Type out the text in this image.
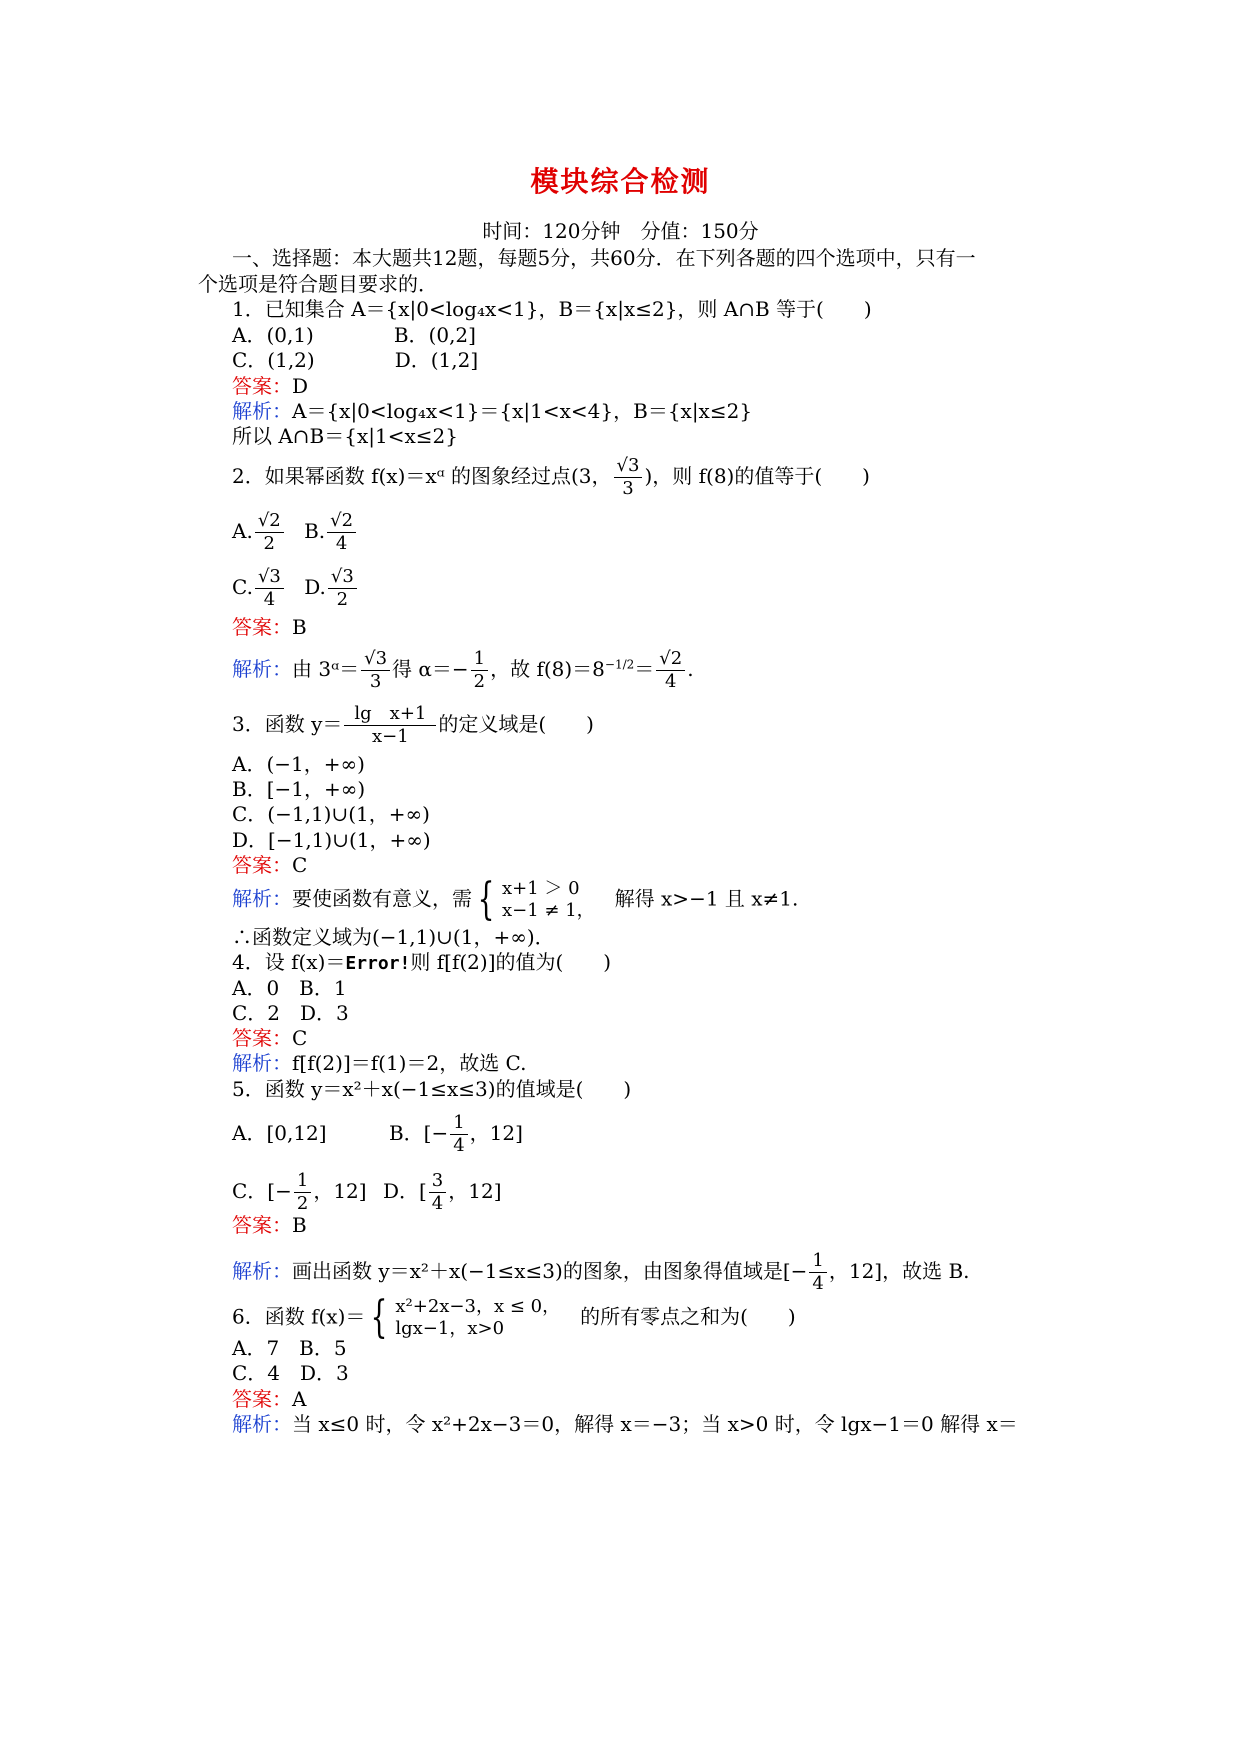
模块综合检测
时间：120分钟　分值：150分
一、选择题：本大题共12题，每题5分，共60分．在下列各题的四个选项中，只有一
个选项是符合题目要求的．
1．已知集合 A＝{x|0<log₄x<1}，B＝{x|x≤2}，则 A∩B 等于(　　)
A．(0,1)　　　　B．(0,2]
C．(1,2)　　　　D．(1,2]
答案：D
解析：A＝{x|0<log₄x<1}＝{x|1<x<4}，B＝{x|x≤2}
所以 A∩B＝{x|1<x≤2}
2．如果幂函数 f(x)＝xᵅ 的图象经过点(3， $\frac{√3}{3}$ )，则 f(8)的值等于(　　)
A. $\frac{√2}{2} B$. $\frac{√2}{4}$
C. $\frac{√3}{4} D$. $\frac{√3}{2}$
答案：B
解析：由 3ᵅ＝ $\frac{√3}{3}$ 得 $\alpha=- \frac{1}{2}$ ，故 $f(8)=8^{-1/2}= \frac{√2}{4}$ .
3．函数 $y= \frac{\text{lg　x+1}}{x-1}$ 的定义域是(　　)
A．(−1，+∞)
B．[−1，+∞)
C．(−1,1)∪(1，+∞)
D．[−1,1)∪(1，+∞)
答案：C
解析：要使函数有意义，需 { x+1 ＞ 0
x−1 ≠ 1， 　解得 x>−1 且 x≠1.
∴函数定义域为(−1,1)∪(1，+∞)．
4．设 f(x)＝Error!则 f[f(2)]的值为(　　)
A．0　B．1
C．2　D．3
答案：C
解析：f[f(2)]＝f(1)＝2，故选 C.
5．函数 y＝x²＋x(−1≤x≤3)的值域是(　　)
A．[0,12]	B．[− $\frac{1}{4}$ ，12]
C．[− $\frac{1}{2}$ ，12] D．[ $\frac{3}{4}$ ，12]
答案：B
解析：画出函数 y＝x²＋x(−1≤x≤3)的图象，由图象得值域是[− $\frac{1}{4}$ ，12]，故选 B.
6．函数 f(x)＝ { x²+2x−3，x ≤ 0，
lgx−1，x>0	　的所有零点之和为(　　)
A．7　B．5
C．4　D．3
答案：A
解析：当 x≤0 时，令 x²+2x−3＝0，解得 x＝−3；当 x>0 时，令 lgx−1＝0 解得 x＝
